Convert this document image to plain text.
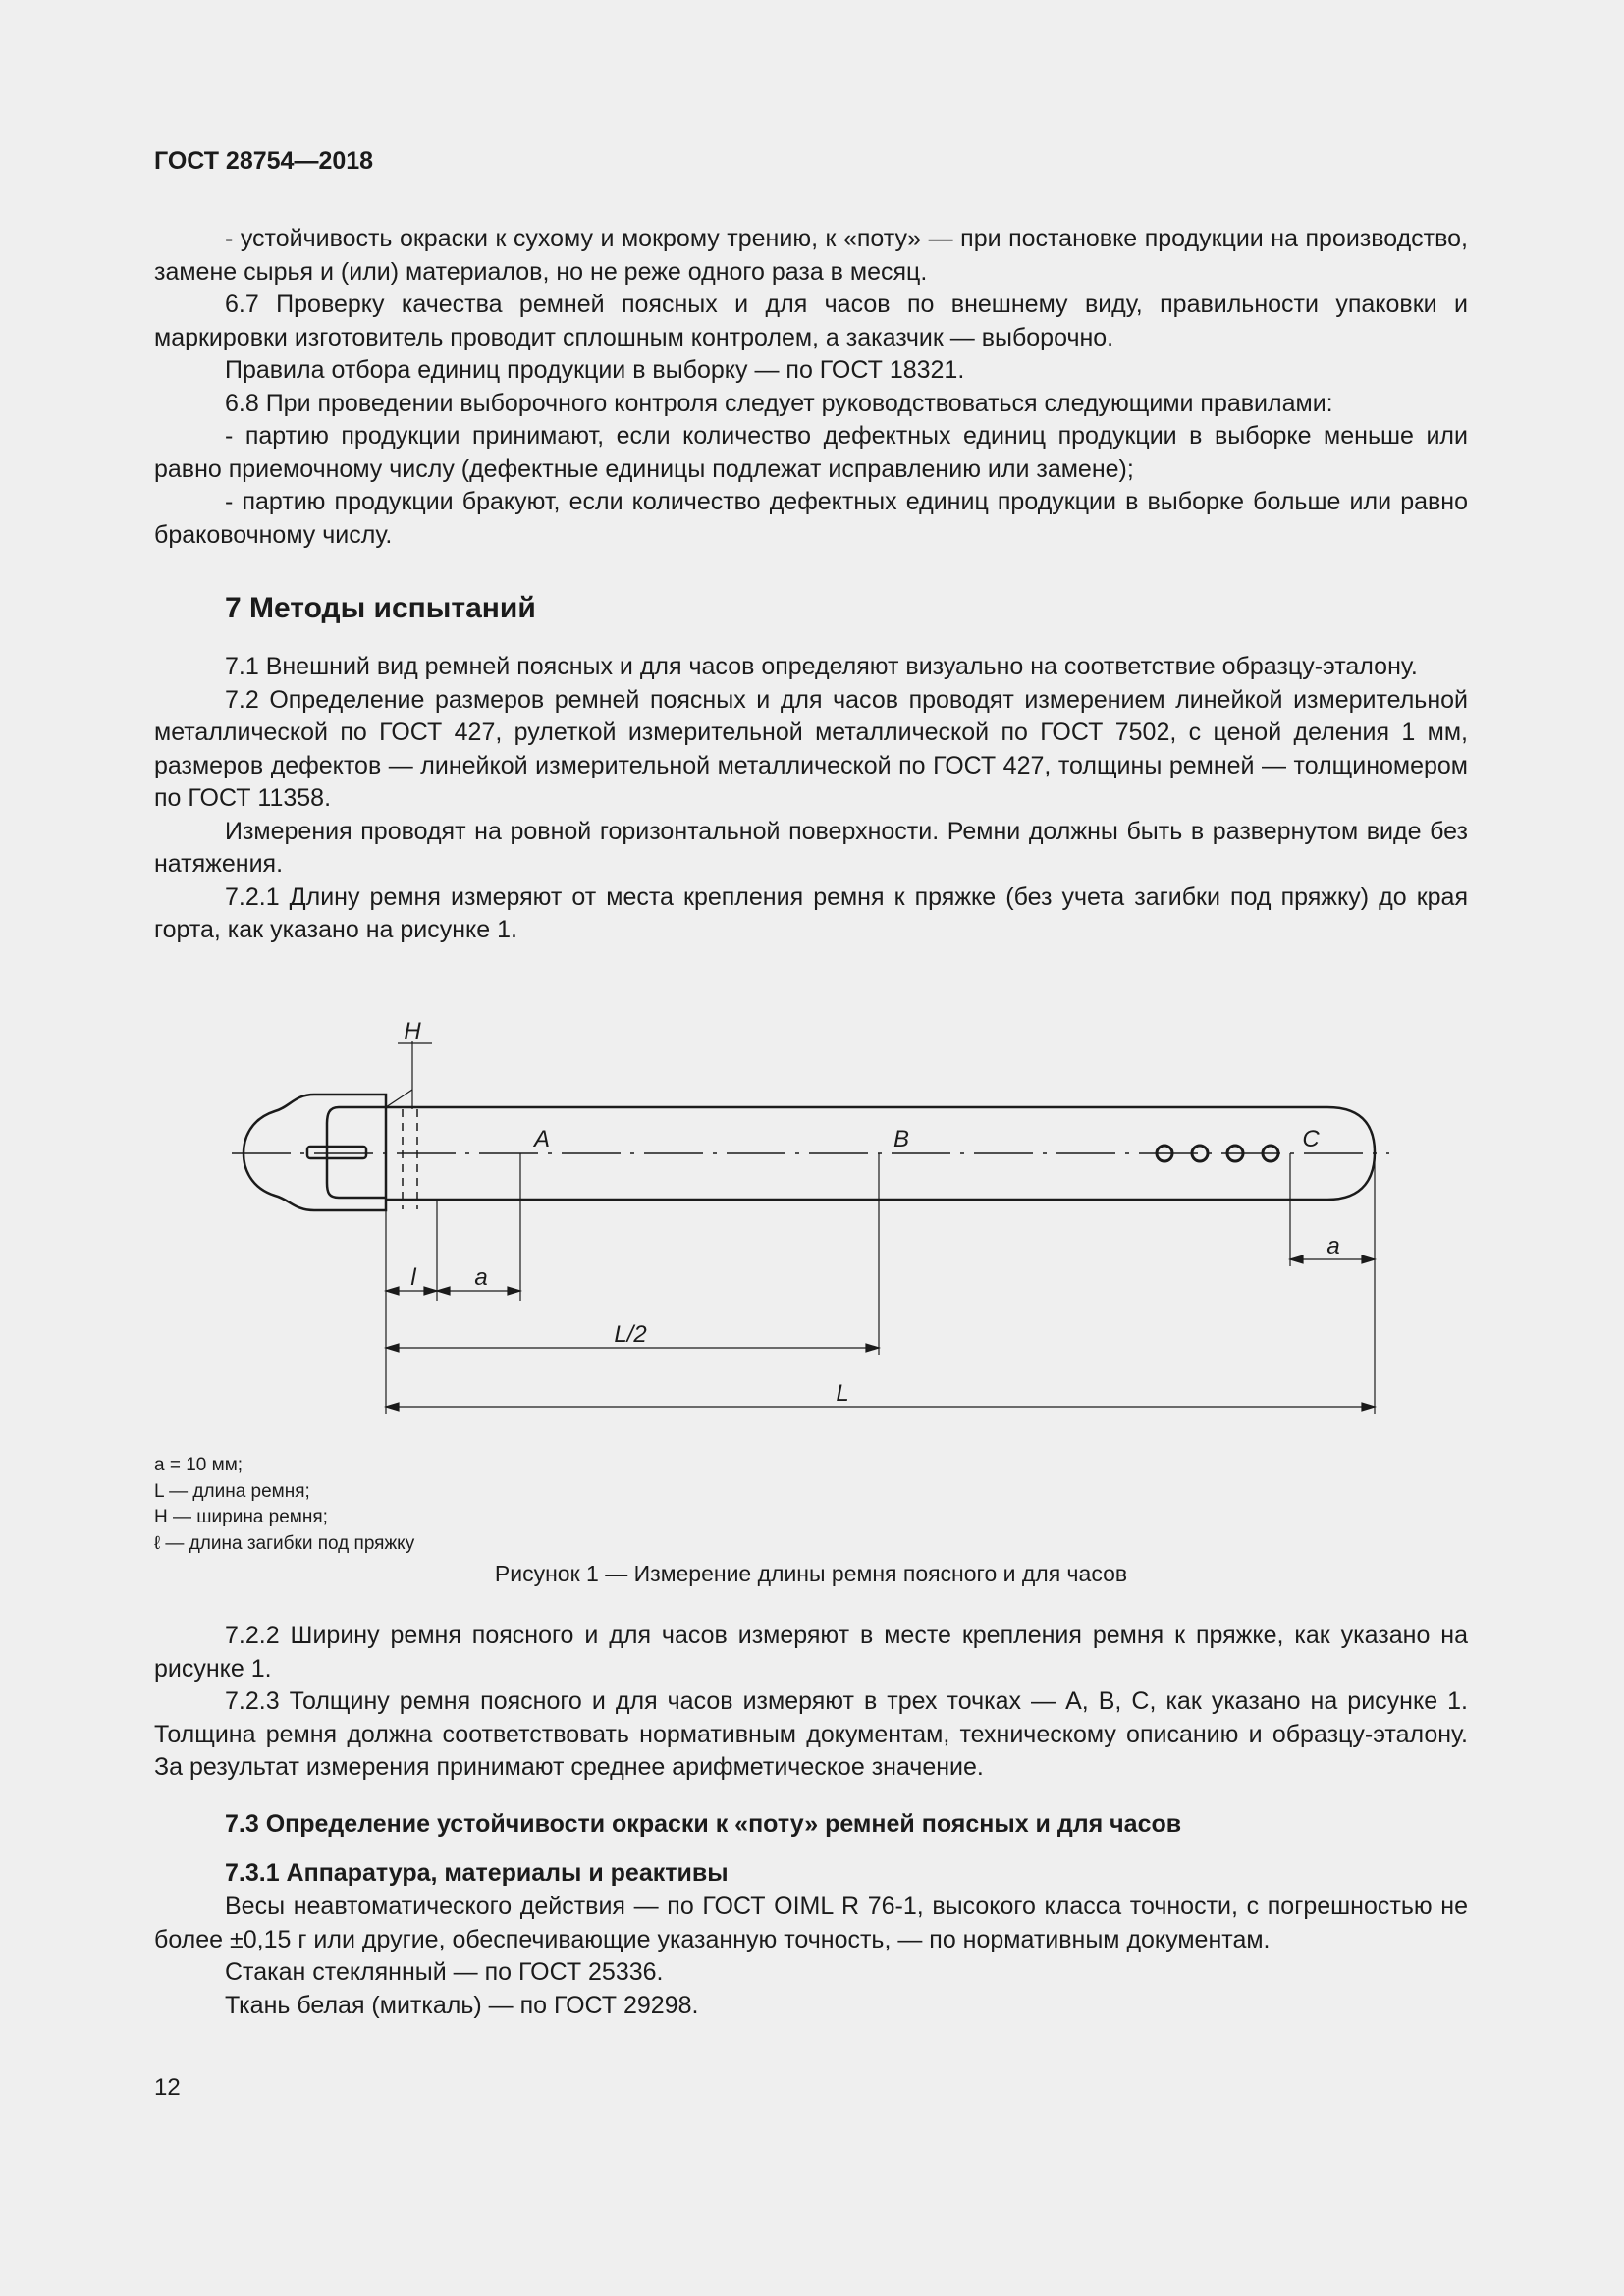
ГОСТ 28754—2018

- устойчивость окраски к сухому и мокрому трению, к «поту» — при постановке продукции на производство, замене сырья и (или) материалов, но не реже одного раза в месяц.

6.7 Проверку качества ремней поясных и для часов по внешнему виду, правильности упаковки и маркировки изготовитель проводит сплошным контролем, а заказчик — выборочно.

Правила отбора единиц продукции в выборку — по ГОСТ 18321.

6.8 При проведении выборочного контроля следует руководствоваться следующими правилами:

- партию продукции принимают, если количество дефектных единиц продукции в выборке меньше или равно приемочному числу (дефектные единицы подлежат исправлению или замене);

- партию продукции бракуют, если количество дефектных единиц продукции в выборке больше или равно браковочному числу.

7 Методы испытаний

7.1 Внешний вид ремней поясных и для часов определяют визуально на соответствие образцу-эталону.

7.2 Определение размеров ремней поясных и для часов проводят измерением линейкой измерительной металлической по ГОСТ 427, рулеткой измерительной металлической по ГОСТ 7502, с ценой деления 1 мм, размеров дефектов — линейкой измерительной металлической по ГОСТ 427, толщины ремней — толщиномером по ГОСТ 11358.

Измерения проводят на ровной горизонтальной поверхности. Ремни должны быть в развернутом виде без натяжения.

7.2.1 Длину ремня измеряют от места крепления ремня к пряжке (без учета загибки под пряжку) до края горта, как указано на рисунке 1.

H
A	B	C
l a
a
L/2
L
a = 10 мм;
L — длина ремня;
H — ширина ремня;
ℓ — длина загибки под пряжку
Рисунок 1 — Измерение длины ремня поясного и для часов

7.2.2 Ширину ремня поясного и для часов измеряют в месте крепления ремня к пряжке, как указано на рисунке 1.

7.2.3 Толщину ремня поясного и для часов измеряют в трех точках — А, В, С, как указано на рисунке 1. Толщина ремня должна соответствовать нормативным документам, техническому описанию и образцу-эталону. За результат измерения принимают среднее арифметическое значение.

7.3 Определение устойчивости окраски к «поту» ремней поясных и для часов

7.3.1 Аппаратура, материалы и реактивы

Весы неавтоматического действия — по ГОСТ OIML R 76-1, высокого класса точности, с погрешностью не более ±0,15 г или другие, обеспечивающие указанную точность, — по нормативным документам.

Стакан стеклянный — по ГОСТ 25336.

Ткань белая (миткаль) — по ГОСТ 29298.

12
